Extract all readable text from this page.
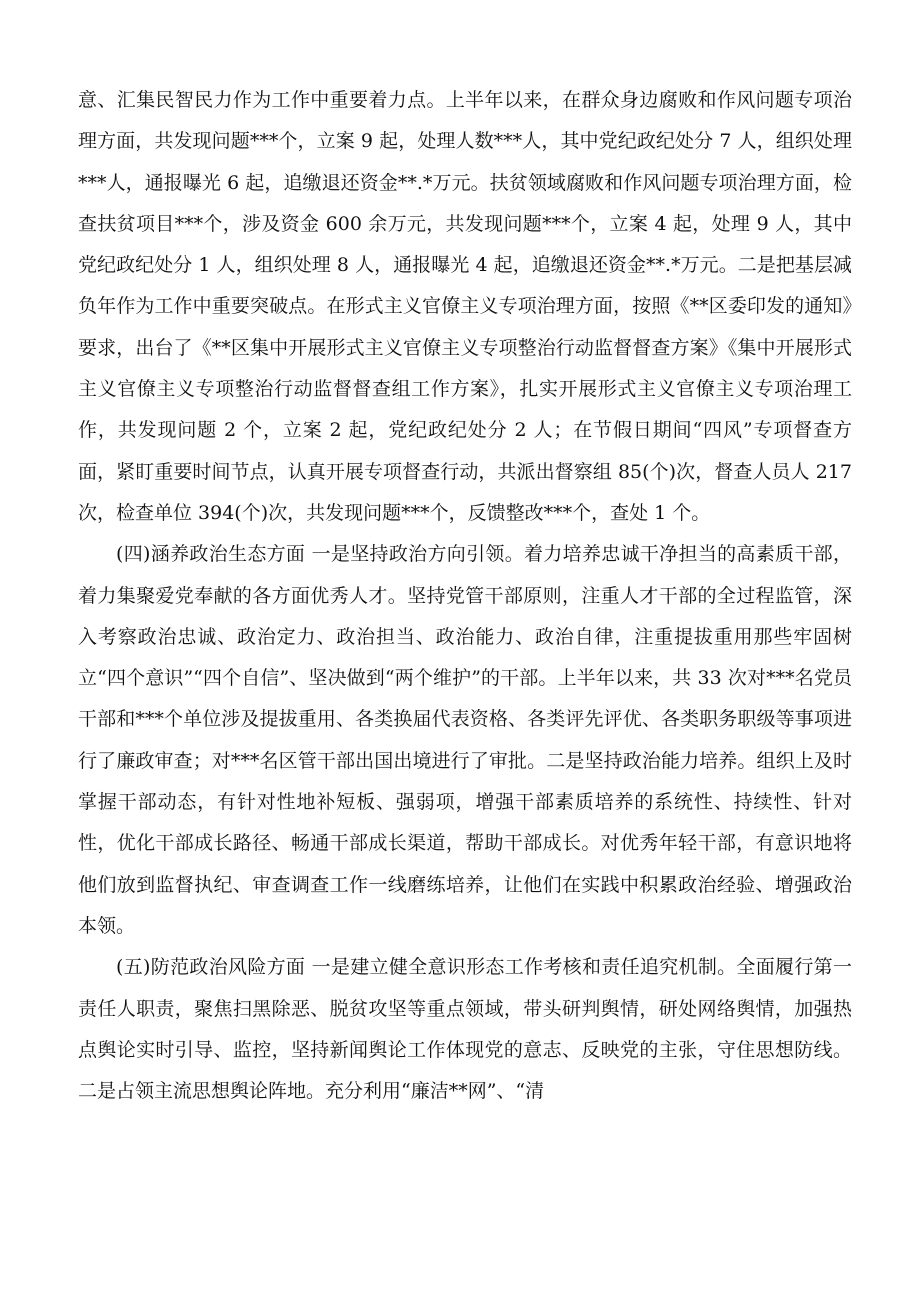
意、汇集民智民力作为工作中重要着力点。上半年以来，在群众身边腐败和作风问题专项治理方面，共发现问题***个，立案 9 起，处理人数***人，其中党纪政纪处分 7 人，组织处理***人，通报曝光 6 起，追缴退还资金**.*万元。扶贫领域腐败和作风问题专项治理方面，检查扶贫项目***个，涉及资金 600 余万元，共发现问题***个，立案 4 起，处理 9 人，其中党纪政纪处分 1 人，组织处理 8 人，通报曝光 4 起，追缴退还资金**.*万元。二是把基层减负年作为工作中重要突破点。在形式主义官僚主义专项治理方面，按照《**区委印发的通知》要求，出台了《**区集中开展形式主义官僚主义专项整治行动监督督查方案》《集中开展形式主义官僚主义专项整治行动监督督查组工作方案》，扎实开展形式主义官僚主义专项治理工作，共发现问题 2 个，立案 2 起，党纪政纪处分 2 人；在节假日期间“四风”专项督查方面，紧盯重要时间节点，认真开展专项督查行动，共派出督察组 85(个)次，督查人员人 217 次，检查单位 394(个)次，共发现问题***个，反馈整改***个，查处 1 个。

(四)涵养政治生态方面 一是坚持政治方向引领。着力培养忠诚干净担当的高素质干部，着力集聚爱党奉献的各方面优秀人才。坚持党管干部原则，注重人才干部的全过程监管，深入考察政治忠诚、政治定力、政治担当、政治能力、政治自律，注重提拔重用那些牢固树立“四个意识”“四个自信”、坚决做到“两个维护”的干部。上半年以来，共 33 次对***名党员干部和***个单位涉及提拔重用、各类换届代表资格、各类评先评优、各类职务职级等事项进行了廉政审查；对***名区管干部出国出境进行了审批。二是坚持政治能力培养。组织上及时掌握干部动态，有针对性地补短板、强弱项，增强干部素质培养的系统性、持续性、针对性，优化干部成长路径、畅通干部成长渠道，帮助干部成长。对优秀年轻干部，有意识地将他们放到监督执纪、审查调查工作一线磨练培养，让他们在实践中积累政治经验、增强政治本领。

(五)防范政治风险方面 一是建立健全意识形态工作考核和责任追究机制。全面履行第一责任人职责，聚焦扫黑除恶、脱贫攻坚等重点领域，带头研判舆情，研处网络舆情，加强热点舆论实时引导、监控，坚持新闻舆论工作体现党的意志、反映党的主张，守住思想防线。二是占领主流思想舆论阵地。充分利用“廉洁**网”、“清
